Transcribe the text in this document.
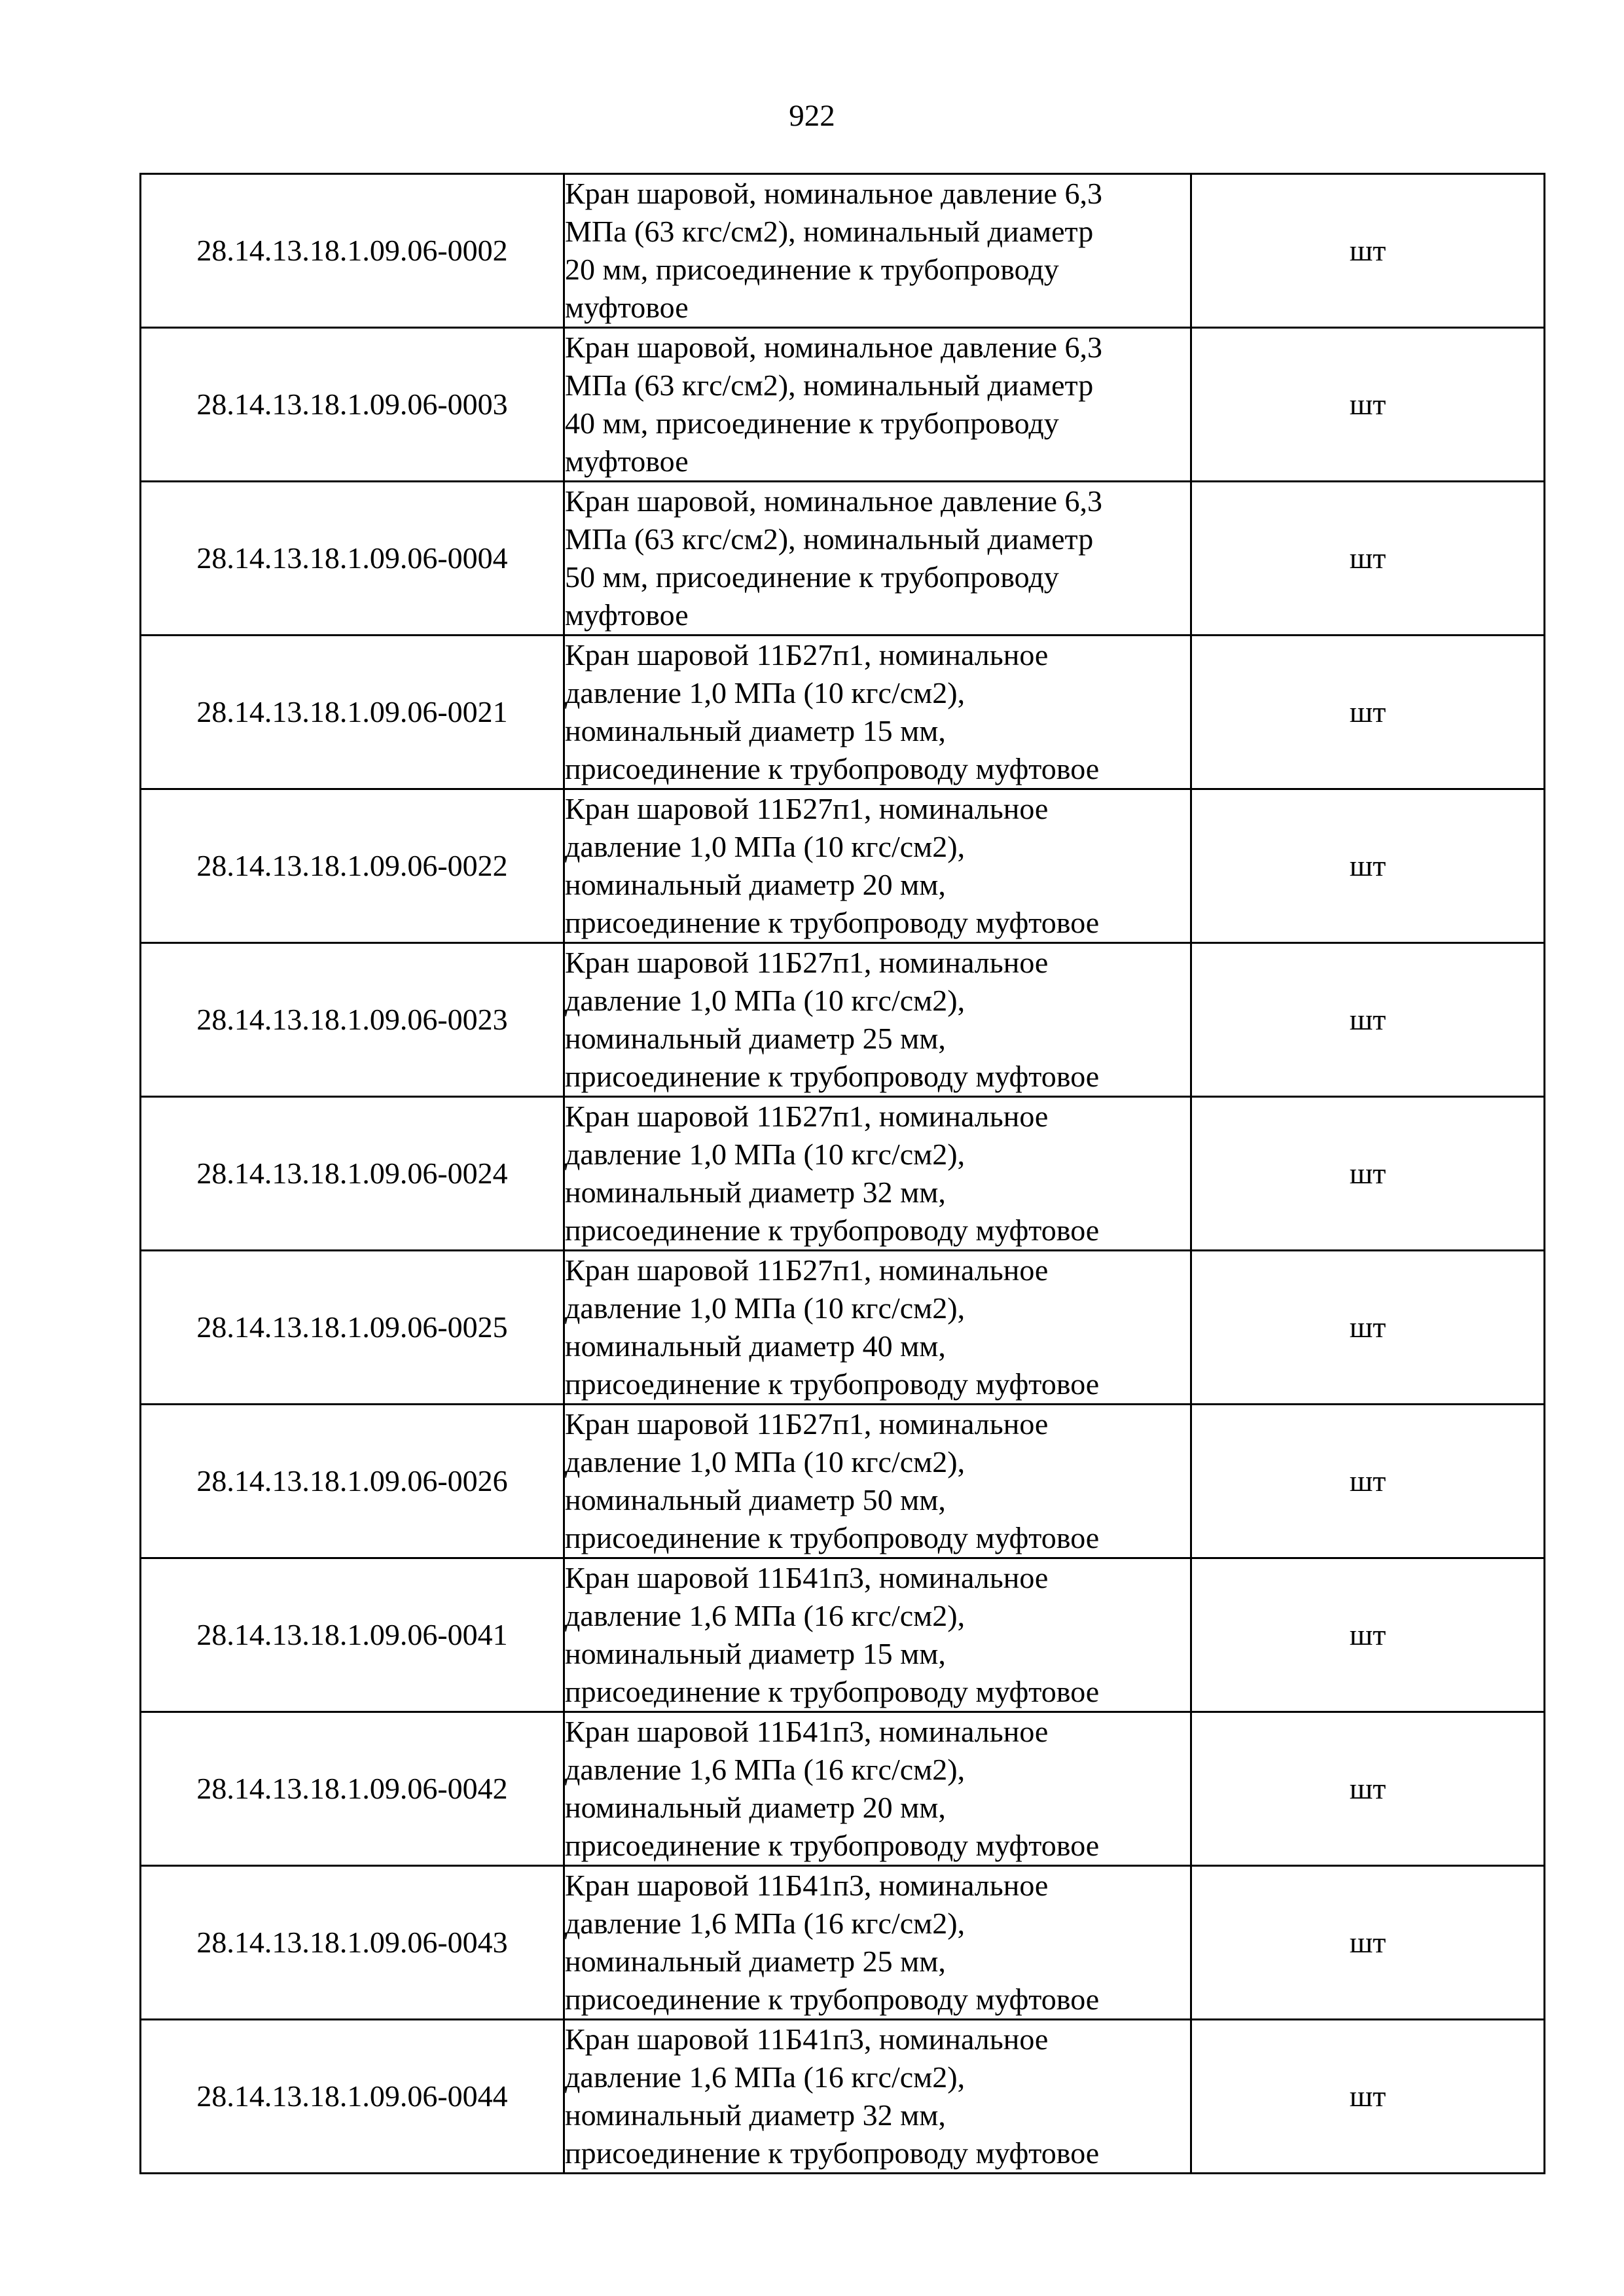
922
28.14.13.18.1.09.06-0002	Кран шаровой, номинальное давление 6,3
МПа (63 кгс/см2), номинальный диаметр
20 мм, присоединение к трубопроводу
муфтовое	шт
28.14.13.18.1.09.06-0003	Кран шаровой, номинальное давление 6,3
МПа (63 кгс/см2), номинальный диаметр
40 мм, присоединение к трубопроводу
муфтовое	шт
28.14.13.18.1.09.06-0004	Кран шаровой, номинальное давление 6,3
МПа (63 кгс/см2), номинальный диаметр
50 мм, присоединение к трубопроводу
муфтовое	шт
28.14.13.18.1.09.06-0021	Кран шаровой 11Б27п1, номинальное
давление 1,0 МПа (10 кгс/см2),
номинальный диаметр 15 мм,
присоединение к трубопроводу муфтовое	шт
28.14.13.18.1.09.06-0022	Кран шаровой 11Б27п1, номинальное
давление 1,0 МПа (10 кгс/см2),
номинальный диаметр 20 мм,
присоединение к трубопроводу муфтовое	шт
28.14.13.18.1.09.06-0023	Кран шаровой 11Б27п1, номинальное
давление 1,0 МПа (10 кгс/см2),
номинальный диаметр 25 мм,
присоединение к трубопроводу муфтовое	шт
28.14.13.18.1.09.06-0024	Кран шаровой 11Б27п1, номинальное
давление 1,0 МПа (10 кгс/см2),
номинальный диаметр 32 мм,
присоединение к трубопроводу муфтовое	шт
28.14.13.18.1.09.06-0025	Кран шаровой 11Б27п1, номинальное
давление 1,0 МПа (10 кгс/см2),
номинальный диаметр 40 мм,
присоединение к трубопроводу муфтовое	шт
28.14.13.18.1.09.06-0026	Кран шаровой 11Б27п1, номинальное
давление 1,0 МПа (10 кгс/см2),
номинальный диаметр 50 мм,
присоединение к трубопроводу муфтовое	шт
28.14.13.18.1.09.06-0041	Кран шаровой 11Б41п3, номинальное
давление 1,6 МПа (16 кгс/см2),
номинальный диаметр 15 мм,
присоединение к трубопроводу муфтовое	шт
28.14.13.18.1.09.06-0042	Кран шаровой 11Б41п3, номинальное
давление 1,6 МПа (16 кгс/см2),
номинальный диаметр 20 мм,
присоединение к трубопроводу муфтовое	шт
28.14.13.18.1.09.06-0043	Кран шаровой 11Б41п3, номинальное
давление 1,6 МПа (16 кгс/см2),
номинальный диаметр 25 мм,
присоединение к трубопроводу муфтовое	шт
28.14.13.18.1.09.06-0044	Кран шаровой 11Б41п3, номинальное
давление 1,6 МПа (16 кгс/см2),
номинальный диаметр 32 мм,
присоединение к трубопроводу муфтовое	шт
